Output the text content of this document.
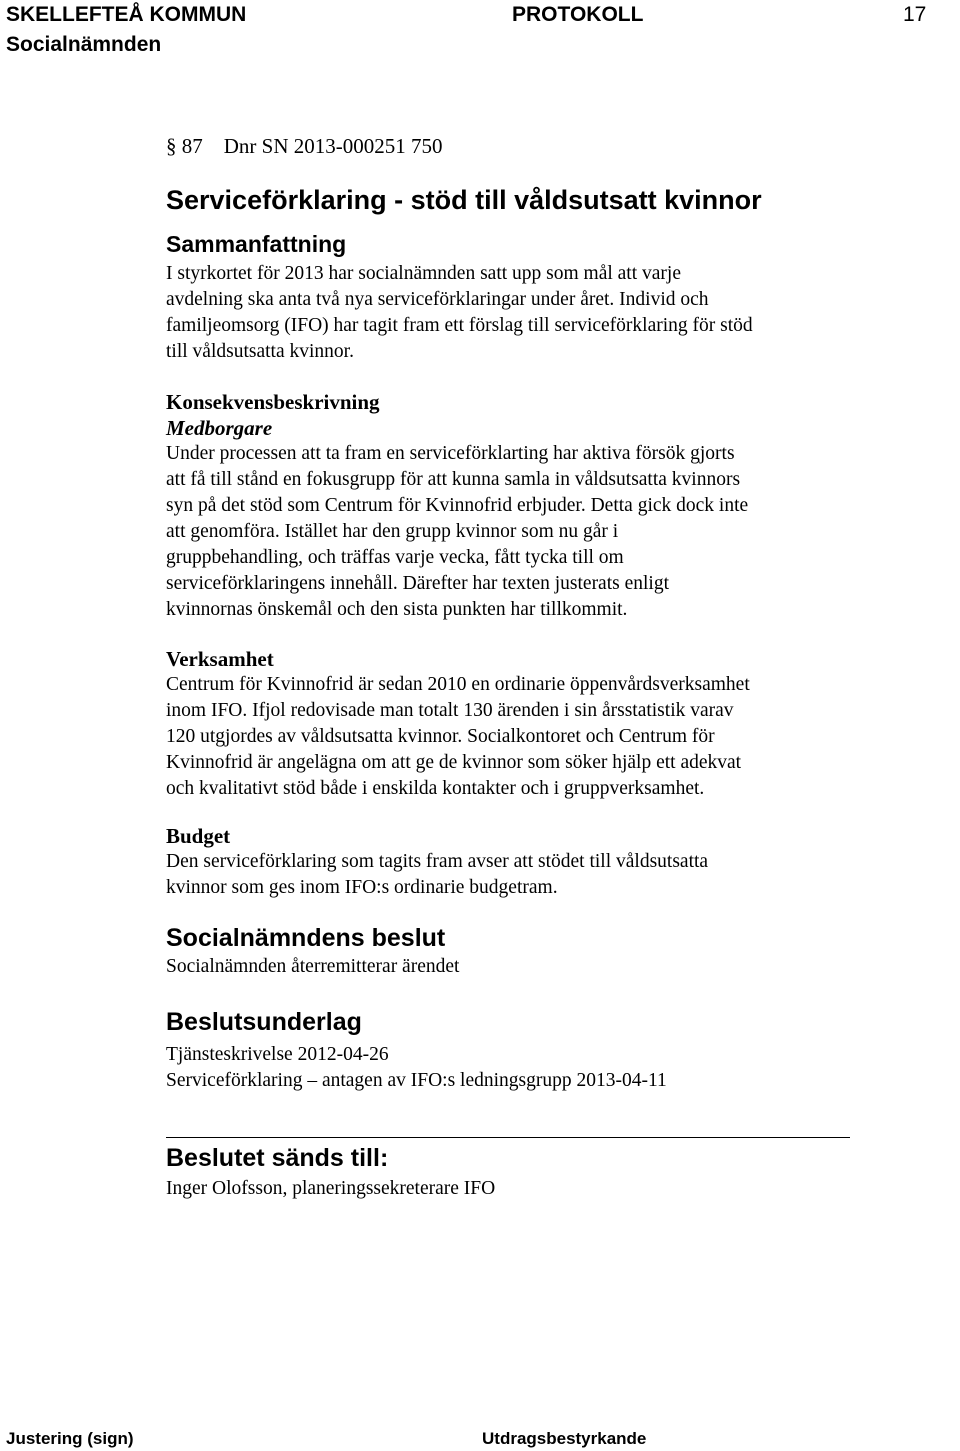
SKELLEFTEÅ KOMMUN	PROTOKOLL	17
Socialnämnden
§ 87 Dnr SN 2013-000251 750
Serviceförklaring - stöd till våldsutsatt kvinnor
Sammanfattning

I styrkortet för 2013 har socialnämnden satt upp som mål att varje
avdelning ska anta två nya serviceförklaringar under året. Individ och
familjeomsorg (IFO) har tagit fram ett förslag till serviceförklaring för stöd
till våldsutsatta kvinnor.

Konsekvensbeskrivning
Medborgare

Under processen att ta fram en serviceförklarting har aktiva försök gjorts
att få till stånd en fokusgrupp för att kunna samla in våldsutsatta kvinnors
syn på det stöd som Centrum för Kvinnofrid erbjuder. Detta gick dock inte
att genomföra. Istället har den grupp kvinnor som nu går i
gruppbehandling, och träffas varje vecka, fått tycka till om
serviceförklaringens innehåll. Därefter har texten justerats enligt
kvinnornas önskemål och den sista punkten har tillkommit.

Verksamhet

Centrum för Kvinnofrid är sedan 2010 en ordinarie öppenvårdsverksamhet
inom IFO. Ifjol redovisade man totalt 130 ärenden i sin årsstatistik varav
120 utgjordes av våldsutsatta kvinnor. Socialkontoret och Centrum för
Kvinnofrid är angelägna om att ge de kvinnor som söker hjälp ett adekvat
och kvalitativt stöd både i enskilda kontakter och i gruppverksamhet.

Budget

Den serviceförklaring som tagits fram avser att stödet till våldsutsatta
kvinnor som ges inom IFO:s ordinarie budgetram.

Socialnämndens beslut

Socialnämnden återremitterar ärendet

Beslutsunderlag

Tjänsteskrivelse 2012-04-26
Serviceförklaring – antagen av IFO:s ledningsgrupp 2013-04-11

Beslutet sänds till:

Inger Olofsson, planeringssekreterare IFO

Justering (sign)	Utdragsbestyrkande
